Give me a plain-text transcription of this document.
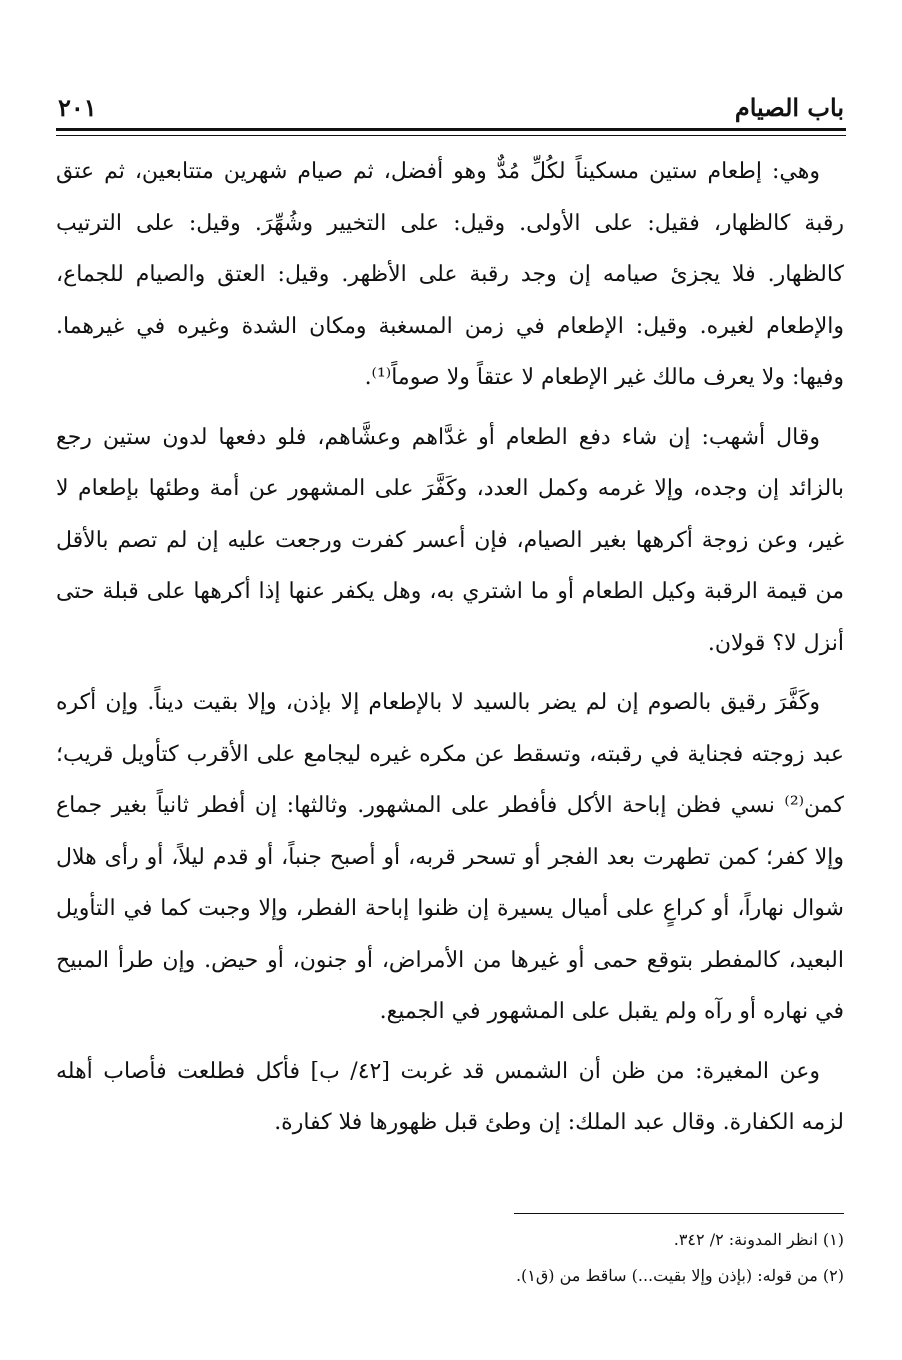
باب الصيام
٢٠١

وهي: إطعام ستين مسكيناً لكُلِّ مُدٌّ وهو أفضل، ثم صيام شهرين متتابعين، ثم عتق رقبة كالظهار، فقيل: على الأولى. وقيل: على التخيير وشُهِّرَ. وقيل: على الترتيب كالظهار. فلا يجزئ صيامه إن وجد رقبة على الأظهر. وقيل: العتق والصيام للجماع، والإطعام لغيره. وقيل: الإطعام في زمن المسغبة ومكان الشدة وغيره في غيرهما. وفيها: ولا يعرف مالك غير الإطعام لا عتقاً ولا صوماً⁽¹⁾.

وقال أشهب: إن شاء دفع الطعام أو غدَّاهم وعشَّاهم، فلو دفعها لدون ستين رجع بالزائد إن وجده، وإلا غرمه وكمل العدد، وكَفَّرَ على المشهور عن أمة وطئها بإطعام لا غير، وعن زوجة أكرهها بغير الصيام، فإن أعسر كفرت ورجعت عليه إن لم تصم بالأقل من قيمة الرقبة وكيل الطعام أو ما اشتري به، وهل يكفر عنها إذا أكرهها على قبلة حتى أنزل لا؟ قولان.

وكَفَّرَ رقيق بالصوم إن لم يضر بالسيد لا بالإطعام إلا بإذن، وإلا بقيت ديناً. وإن أكره عبد زوجته فجناية في رقبته، وتسقط عن مكره غيره ليجامع على الأقرب كتأويل قريب؛ كمن⁽²⁾ نسي فظن إباحة الأكل فأفطر على المشهور. وثالثها: إن أفطر ثانياً بغير جماع وإلا كفر؛ كمن تطهرت بعد الفجر أو تسحر قربه، أو أصبح جنباً، أو قدم ليلاً، أو رأى هلال شوال نهاراً، أو كراعٍ على أميال يسيرة إن ظنوا إباحة الفطر، وإلا وجبت كما في التأويل البعيد، كالمفطر بتوقع حمى أو غيرها من الأمراض، أو جنون، أو حيض. وإن طرأ المبيح في نهاره أو رآه ولم يقبل على المشهور في الجميع.

وعن المغيرة: من ظن أن الشمس قد غربت [٤٢/ ب] فأكل فطلعت فأصاب أهله لزمه الكفارة. وقال عبد الملك: إن وطئ قبل ظهورها فلا كفارة.

(١) انظر المدونة: ٢/ ٣٤٢.

(٢) من قوله: (بإذن وإلا بقيت...) ساقط من (ق١).
